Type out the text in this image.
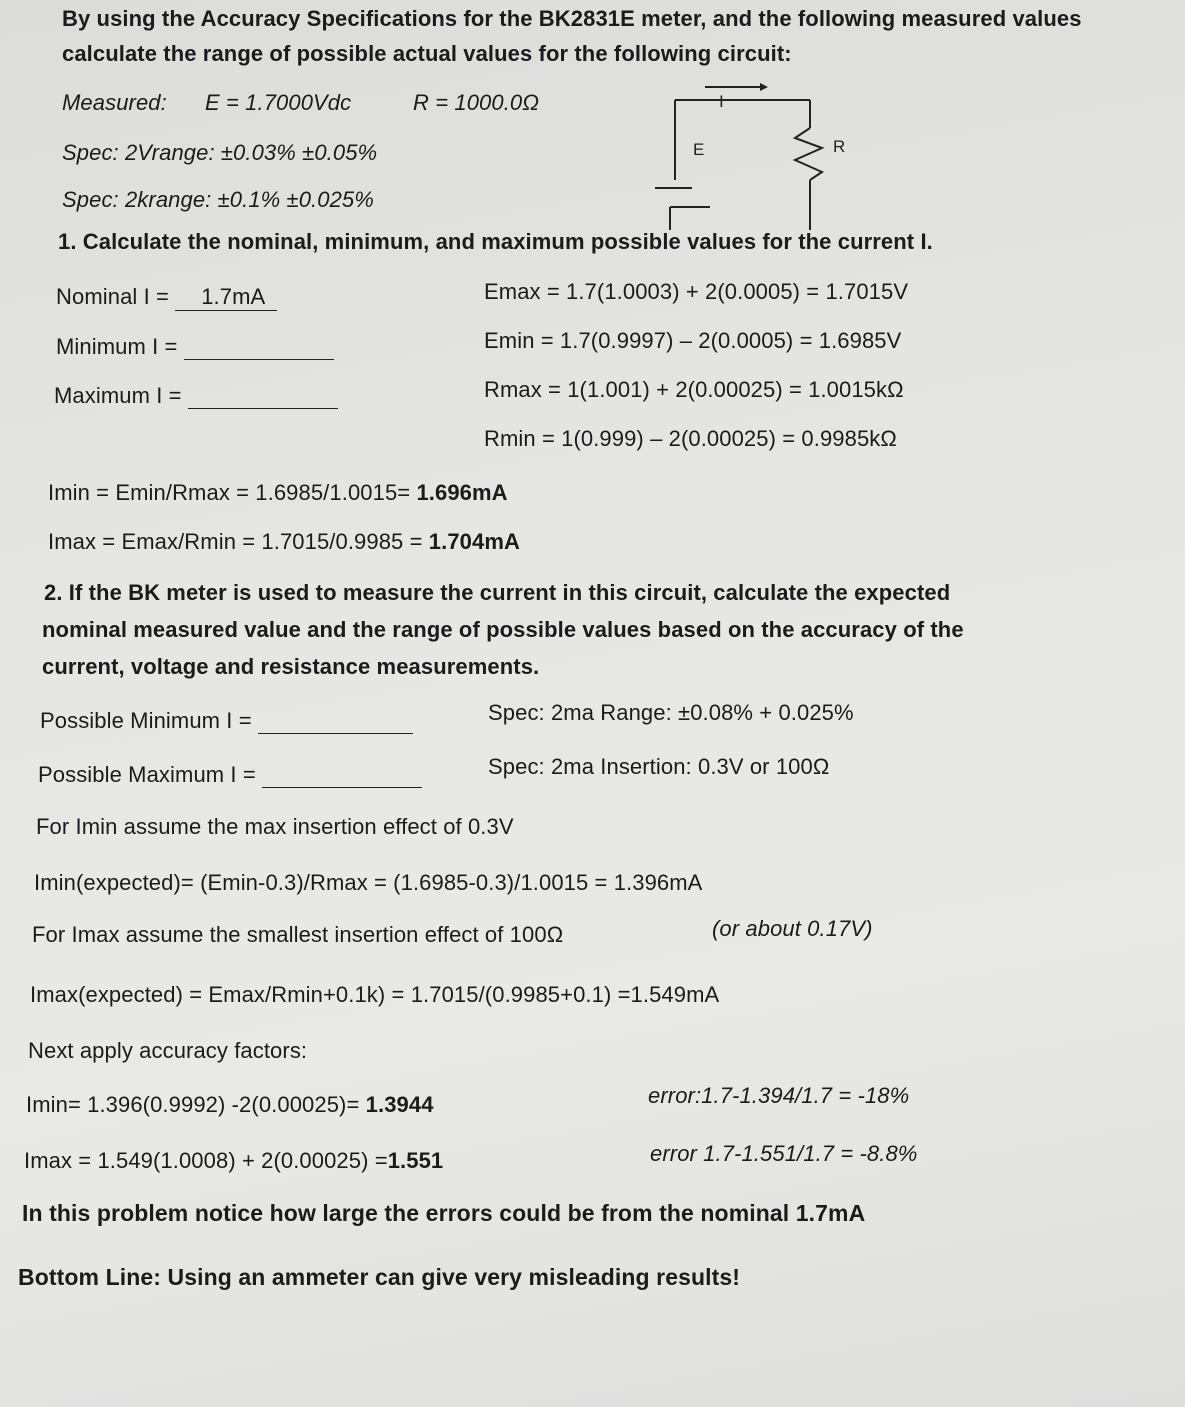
By using the Accuracy Specifications for the BK2831E meter, and the following measured values
calculate the range of possible actual values for the following circuit:
Measured: E = 1.7000Vdc	R = 1000.0Ω
Spec: 2Vrange: ±0.03% ±0.05%
Spec: 2krange: ±0.1% ±0.025%
I
E	R
1. Calculate the nominal, minimum, and maximum possible values for the current I.
Nominal I = 1.7mA
Minimum I =
Maximum I =
Emax = 1.7(1.0003) + 2(0.0005) = 1.7015V
Emin = 1.7(0.9997) – 2(0.0005) = 1.6985V
Rmax = 1(1.001) + 2(0.00025) = 1.0015kΩ
Rmin = 1(0.999) – 2(0.00025) = 0.9985kΩ
Imin = Emin/Rmax = 1.6985/1.0015= 1.696mA
Imax = Emax/Rmin = 1.7015/0.9985 = 1.704mA
2. If the BK meter is used to measure the current in this circuit, calculate the expected
nominal measured value and the range of possible values based on the accuracy of the
current, voltage and resistance measurements.
Possible Minimum I =
Possible Maximum I =
Spec: 2ma Range: ±0.08% + 0.025%
Spec: 2ma Insertion: 0.3V or 100Ω
For Imin assume the max insertion effect of 0.3V
Imin(expected)= (Emin-0.3)/Rmax = (1.6985-0.3)/1.0015 = 1.396mA
For Imax assume the smallest insertion effect of 100Ω	(or about 0.17V)
Imax(expected) = Emax/Rmin+0.1k) = 1.7015/(0.9985+0.1) =1.549mA
Next apply accuracy factors:
Imin= 1.396(0.9992) -2(0.00025)= 1.3944	error:1.7-1.394/1.7 = -18%
Imax = 1.549(1.0008) + 2(0.00025) =1.551	error 1.7-1.551/1.7 = -8.8%
In this problem notice how large the errors could be from the nominal 1.7mA
Bottom Line: Using an ammeter can give very misleading results!
